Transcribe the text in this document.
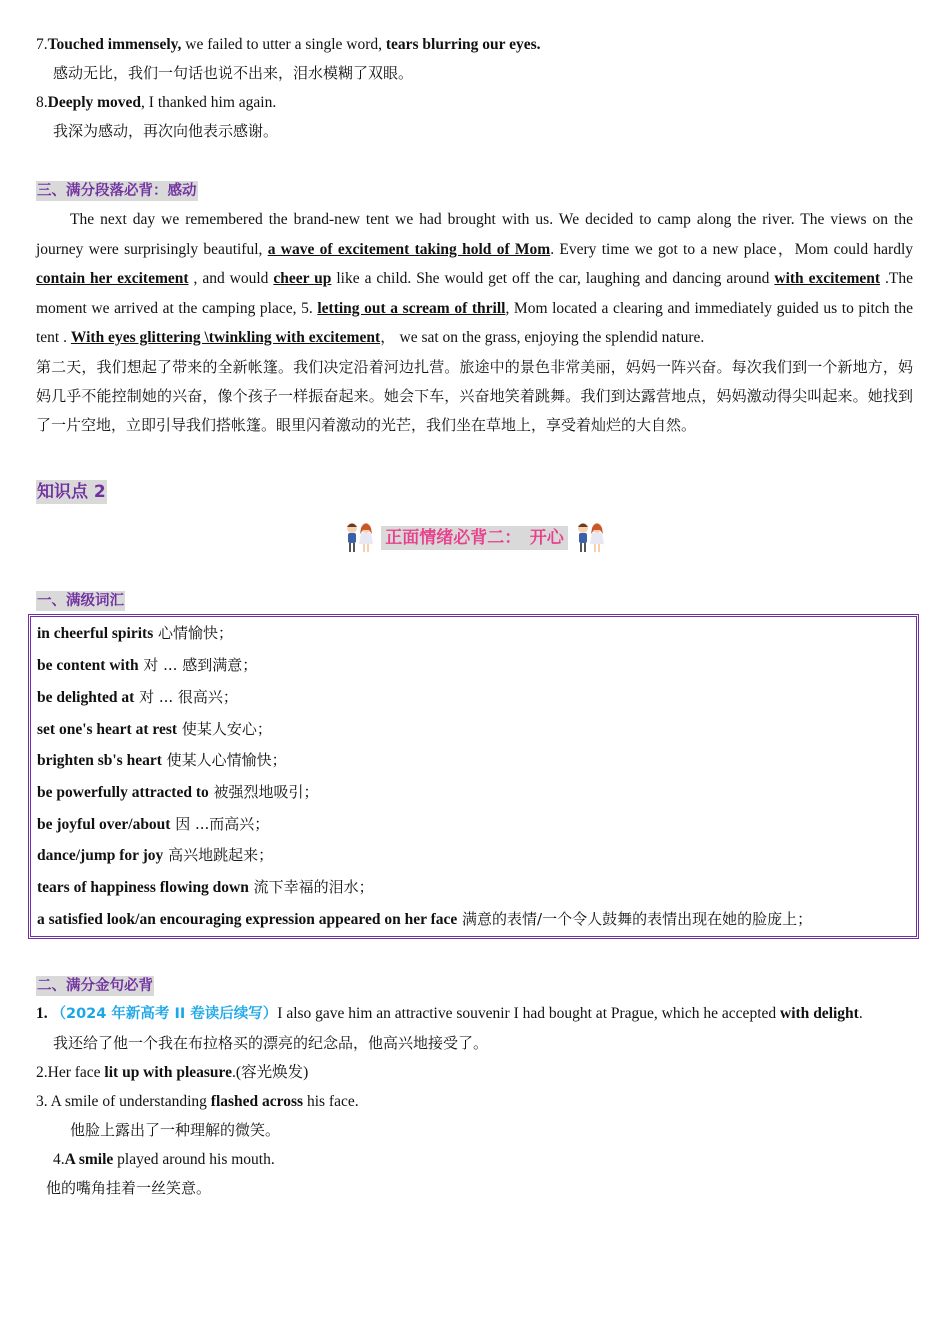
7.Touched immensely, we failed to utter a single word, tears blurring our eyes.

感动无比，我们一句话也说不出来，泪水模糊了双眼。

8.Deeply moved, I thanked him again.

我深为感动，再次向他表示感谢。

三、满分段落必背：感动

The next day we remembered the brand-new tent we had brought with us. We decided to camp along the river. The views on the journey were surprisingly beautiful, a wave of excitement taking hold of Mom. Every time we got to a new place，Mom could hardly contain her excitement , and would cheer up like a child. She would get off the car, laughing and dancing around with excitement .The moment we arrived at the camping place, 5. letting out a scream of thrill, Mom located a clearing and immediately guided us to pitch the tent . With eyes glittering \twinkling with excitement， we sat on the grass, enjoying the splendid nature.

第二天，我们想起了带来的全新帐篷。我们决定沿着河边扎营。旅途中的景色非常美丽，妈妈一阵兴奋。每次我们到一个新地方，妈妈几乎不能控制她的兴奋，像个孩子一样振奋起来。她会下车，兴奋地笑着跳舞。我们到达露营地点，妈妈激动得尖叫起来。她找到了一片空地，立即引导我们搭帐篷。眼里闪着激动的光芒，我们坐在草地上，享受着灿烂的大自然。

知识点 2
正面情绪必背二：　开心
一、满级词汇

in cheerful spirits 心情愉快；

be content with 对 ... 感到满意；

be delighted at 对 ... 很高兴；

set one's heart at rest 使某人安心；

brighten sb's heart 使某人心情愉快；

be powerfully attracted to 被强烈地吸引；

be joyful over/about 因 ...而高兴；

dance/jump for joy 高兴地跳起来；

tears of happiness flowing down 流下幸福的泪水；

a satisfied look/an encouraging expression appeared on her face 满意的表情/一个令人鼓舞的表情出现在她的脸庞上；

二、满分金句必背

1. （2024 年新高考 II 卷读后续写）I also gave him an attractive souvenir I had bought at Prague, which he accepted with delight.

我还给了他一个我在布拉格买的漂亮的纪念品，他高兴地接受了。

2.Her face lit up with pleasure.(容光焕发)

3. A smile of understanding flashed across his face.

他脸上露出了一种理解的微笑。

4.A smile played around his mouth.

他的嘴角挂着一丝笑意。
